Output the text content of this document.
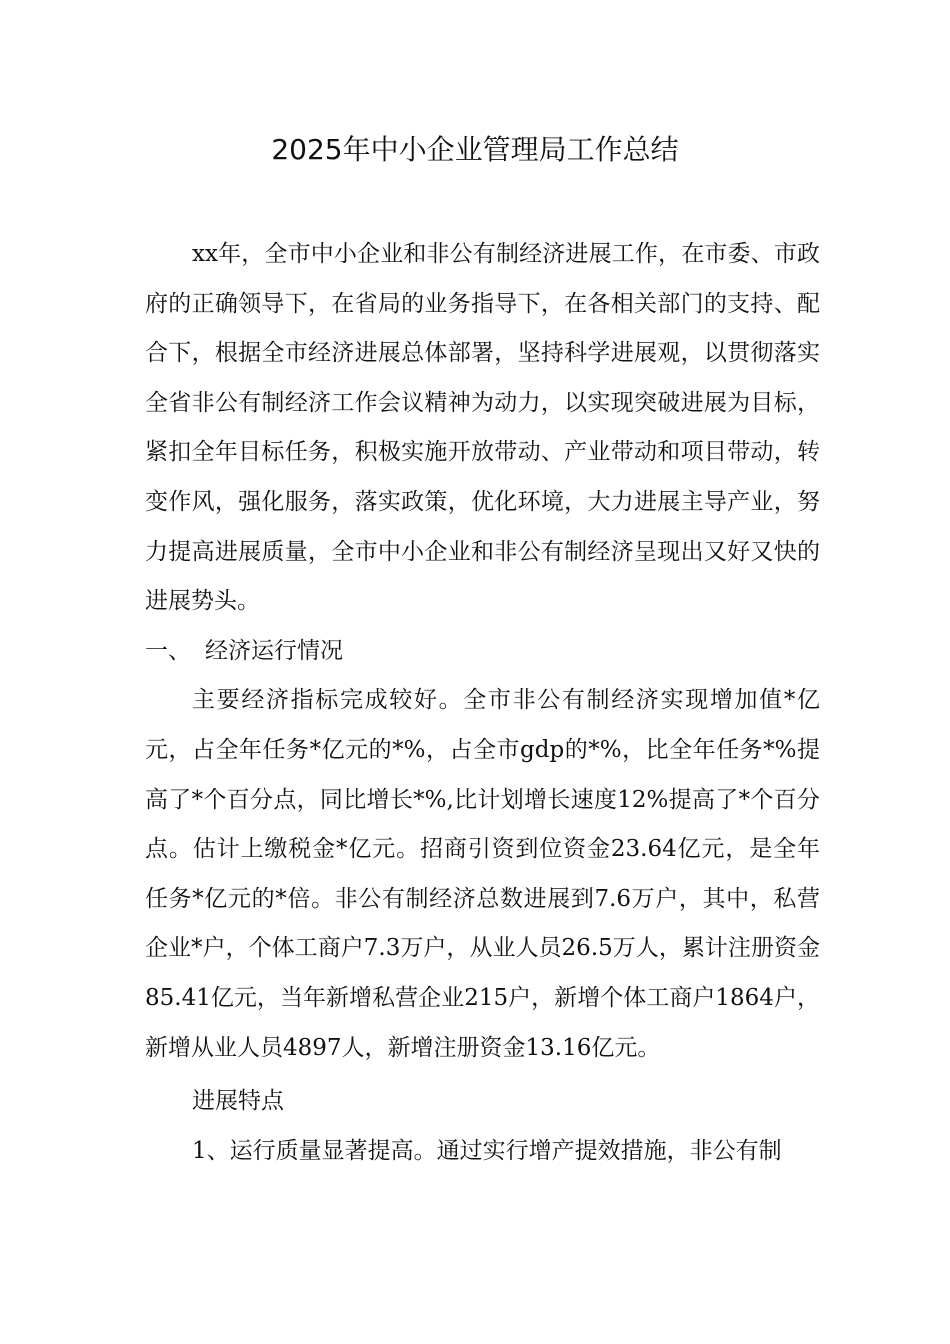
2025年中小企业管理局工作总结

xx年，全市中小企业和非公有制经济进展工作，在市委、市政府的正确领导下，在省局的业务指导下，在各相关部门的支持、配合下，根据全市经济进展总体部署，坚持科学进展观，以贯彻落实全省非公有制经济工作会议精神为动力，以实现突破进展为目标，紧扣全年目标任务，积极实施开放带动、产业带动和项目带动，转变作风，强化服务，落实政策，优化环境，大力进展主导产业，努力提高进展质量，全市中小企业和非公有制经济呈现出又好又快的进展势头。

一、 经济运行情况

主要经济指标完成较好。全市非公有制经济实现增加值*亿元，占全年任务*亿元的*%，占全市gdp的*%，比全年任务*%提高了*个百分点，同比增长*%,比计划增长速度12%提高了*个百分点。估计上缴税金*亿元。招商引资到位资金23.64亿元，是全年任务*亿元的*倍。非公有制经济总数进展到7.6万户，其中，私营企业*户，个体工商户7.3万户，从业人员26.5万人，累计注册资金85.41亿元，当年新增私营企业215户，新增个体工商户1864户，新增从业人员4897人，新增注册资金13.16亿元。

进展特点

1、运行质量显著提高。通过实行增产提效措施，非公有制
